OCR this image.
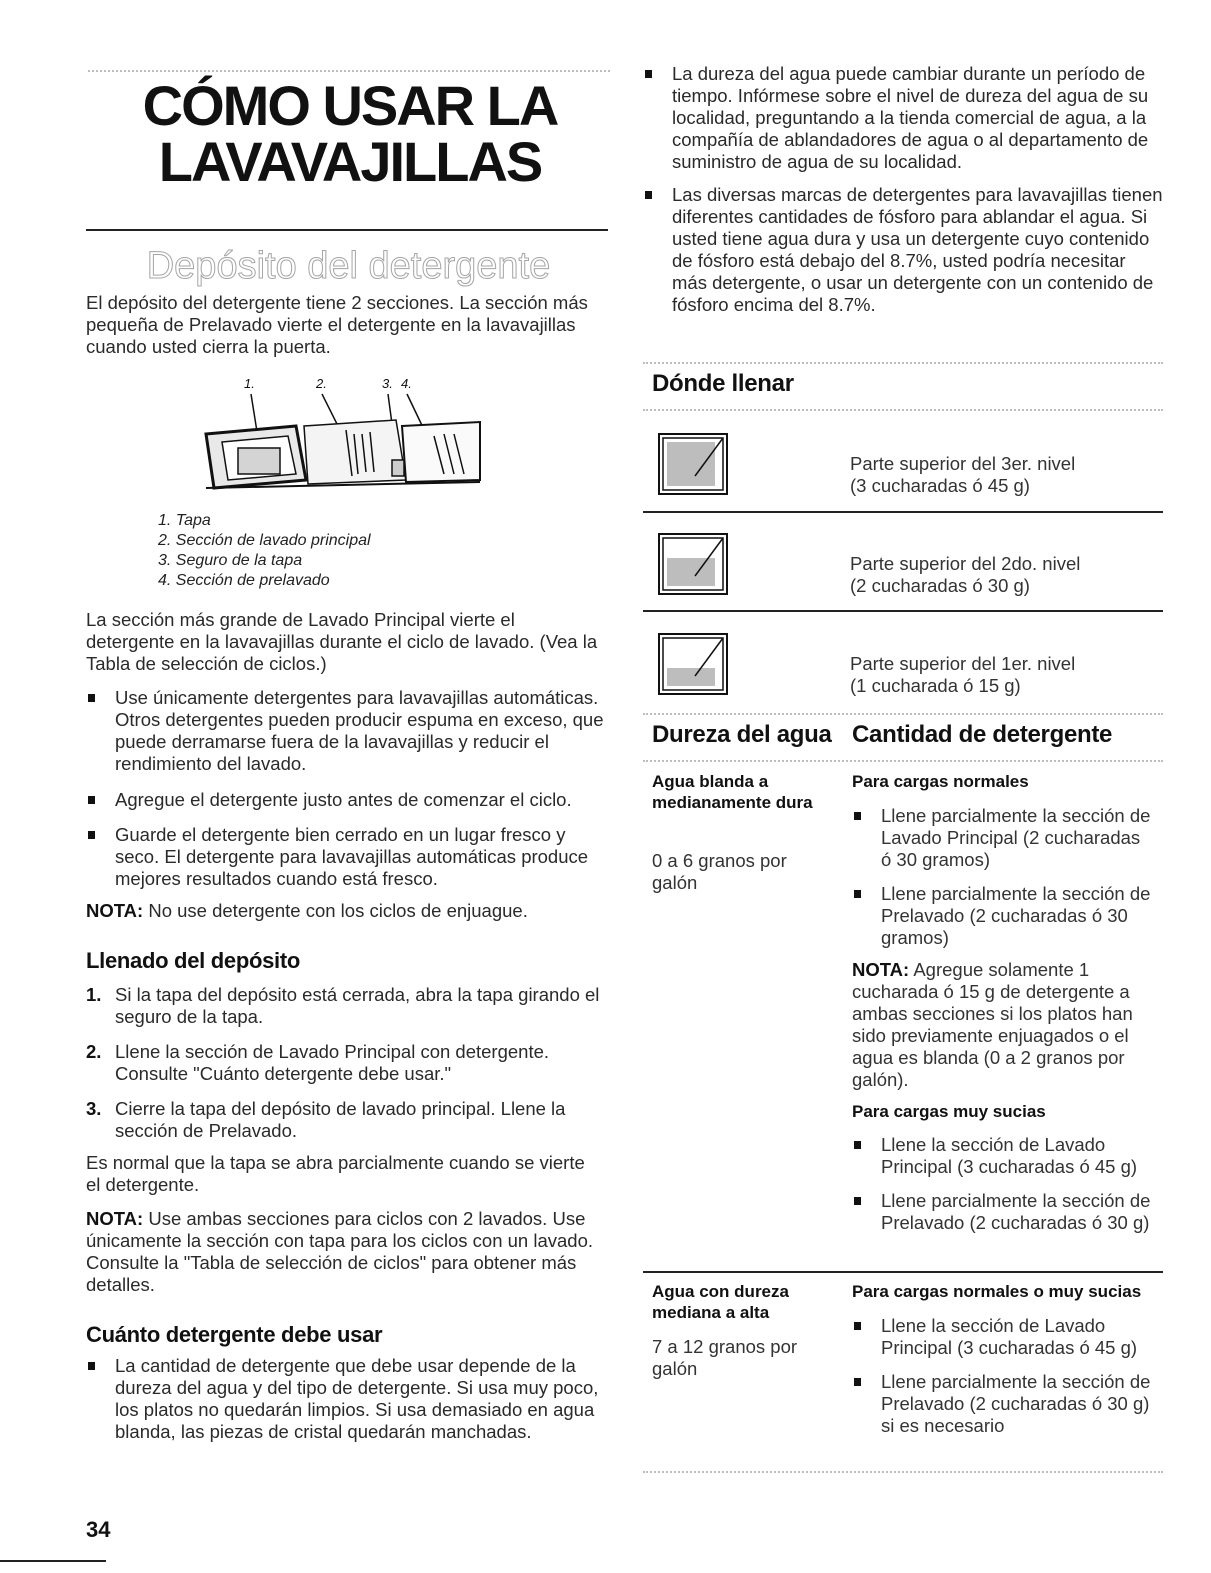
CÓMO USAR LA
LAVAVAJILLAS
Depósito del detergente
El depósito del detergente tiene 2 secciones. La sección más pequeña de Prelavado vierte el detergente en la lavavajillas cuando usted cierra la puerta.
1.	2.	3. 4.
1. Tapa
2. Sección de lavado principal
3. Seguro de la tapa
4. Sección de prelavado
La sección más grande de Lavado Principal vierte el detergente en la lavavajillas durante el ciclo de lavado. (Vea la Tabla de selección de ciclos.)
Use únicamente detergentes para lavavajillas automáticas. Otros detergentes pueden producir espuma en exceso, que puede derramarse fuera de la lavavajillas y reducir el rendimiento del lavado.
Agregue el detergente justo antes de comenzar el ciclo.
Guarde el detergente bien cerrado en un lugar fresco y seco. El detergente para lavavajillas automáticas produce mejores resultados cuando está fresco.
NOTA: No use detergente con los ciclos de enjuague.
Llenado del depósito
1. Si la tapa del depósito está cerrada, abra la tapa girando el seguro de la tapa.
2. Llene la sección de Lavado Principal con detergente. Consulte "Cuánto detergente debe usar."
3. Cierre la tapa del depósito de lavado principal. Llene la sección de Prelavado.
Es normal que la tapa se abra parcialmente cuando se vierte el detergente.
NOTA: Use ambas secciones para ciclos con 2 lavados. Use únicamente la sección con tapa para los ciclos con un lavado. Consulte la "Tabla de selección de ciclos" para obtener más detalles.
Cuánto detergente debe usar
La cantidad de detergente que debe usar depende de la dureza del agua y del tipo de detergente. Si usa muy poco, los platos no quedarán limpios. Si usa demasiado en agua blanda, las piezas de cristal quedarán manchadas.
34
La dureza del agua puede cambiar durante un período de tiempo. Infórmese sobre el nivel de dureza del agua de su localidad, preguntando a la tienda comercial de agua, a la compañía de ablandadores de agua o al departamento de suministro de agua de su localidad.
Las diversas marcas de detergentes para lavavajillas tienen diferentes cantidades de fósforo para ablandar el agua. Si usted tiene agua dura y usa un detergente cuyo contenido de fósforo está debajo del 8.7%, usted podría necesitar más detergente, o usar un detergente con un contenido de fósforo encima del 8.7%.
Dónde llenar
Parte superior del 3er. nivel
(3 cucharadas ó 45 g)
Parte superior del 2do. nivel
(2 cucharadas ó 30 g)
Parte superior del 1er. nivel
(1 cucharada ó 15 g)
Dureza del agua Cantidad de detergente
Agua blanda a medianamente dura
0 a 6 granos por galón
Para cargas normales
Llene parcialmente la sección de Lavado Principal (2 cucharadas ó 30 gramos)
Llene parcialmente la sección de Prelavado (2 cucharadas ó 30 gramos)
NOTA: Agregue solamente 1 cucharada ó 15 g de detergente a ambas secciones si los platos han sido previamente enjuagados o el agua es blanda (0 a 2 granos por galón).
Para cargas muy sucias
Llene la sección de Lavado Principal (3 cucharadas ó 45 g)
Llene parcialmente la sección de Prelavado (2 cucharadas ó 30 g)
Agua con dureza mediana a alta
7 a 12 granos por galón
Para cargas normales o muy sucias
Llene la sección de Lavado Principal (3 cucharadas ó 45 g)
Llene parcialmente la sección de Prelavado (2 cucharadas ó 30 g) si es necesario
